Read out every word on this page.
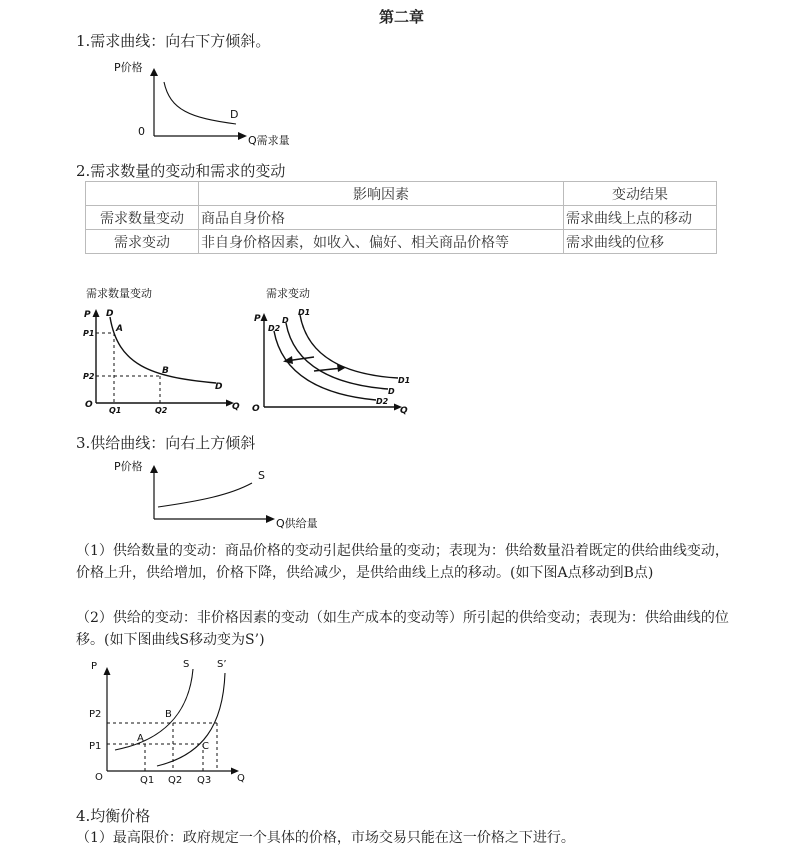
第二章
1.需求曲线：向右下方倾斜。
P价格
Q需求量
0
D
2.需求数量的变动和需求的变动
	影响因素	变动结果
需求数量变动	商品自身价格	需求曲线上点的移动
需求变动	非自身价格因素，如收入、偏好、相关商品价格等	需求曲线的位移
需求数量变动
P
P1
P2
O
Q1	Q2	Q
A
B
D
D
需求变动
P
O	Q
D2
D
D1
D1
D
D2
3.供给曲线：向右上方倾斜
P价格
Q供给量
S
（1）供给数量的变动：商品价格的变动引起供给量的变动；表现为：供给数量沿着既定的供给曲线变动，价格上升，供给增加，价格下降，供给减少，是供给曲线上点的移动。(如下图A点移动到B点)
（2）供给的变动：非价格因素的变动（如生产成本的变动等）所引起的供给变动；表现为：供给曲线的位移。(如下图曲线S移动变为S’)
P
O	Q
S	S’
P2
P1
Q1 Q2 Q3
A
B
C
4.均衡价格
（1）最高限价：政府规定一个具体的价格，市场交易只能在这一价格之下进行。
